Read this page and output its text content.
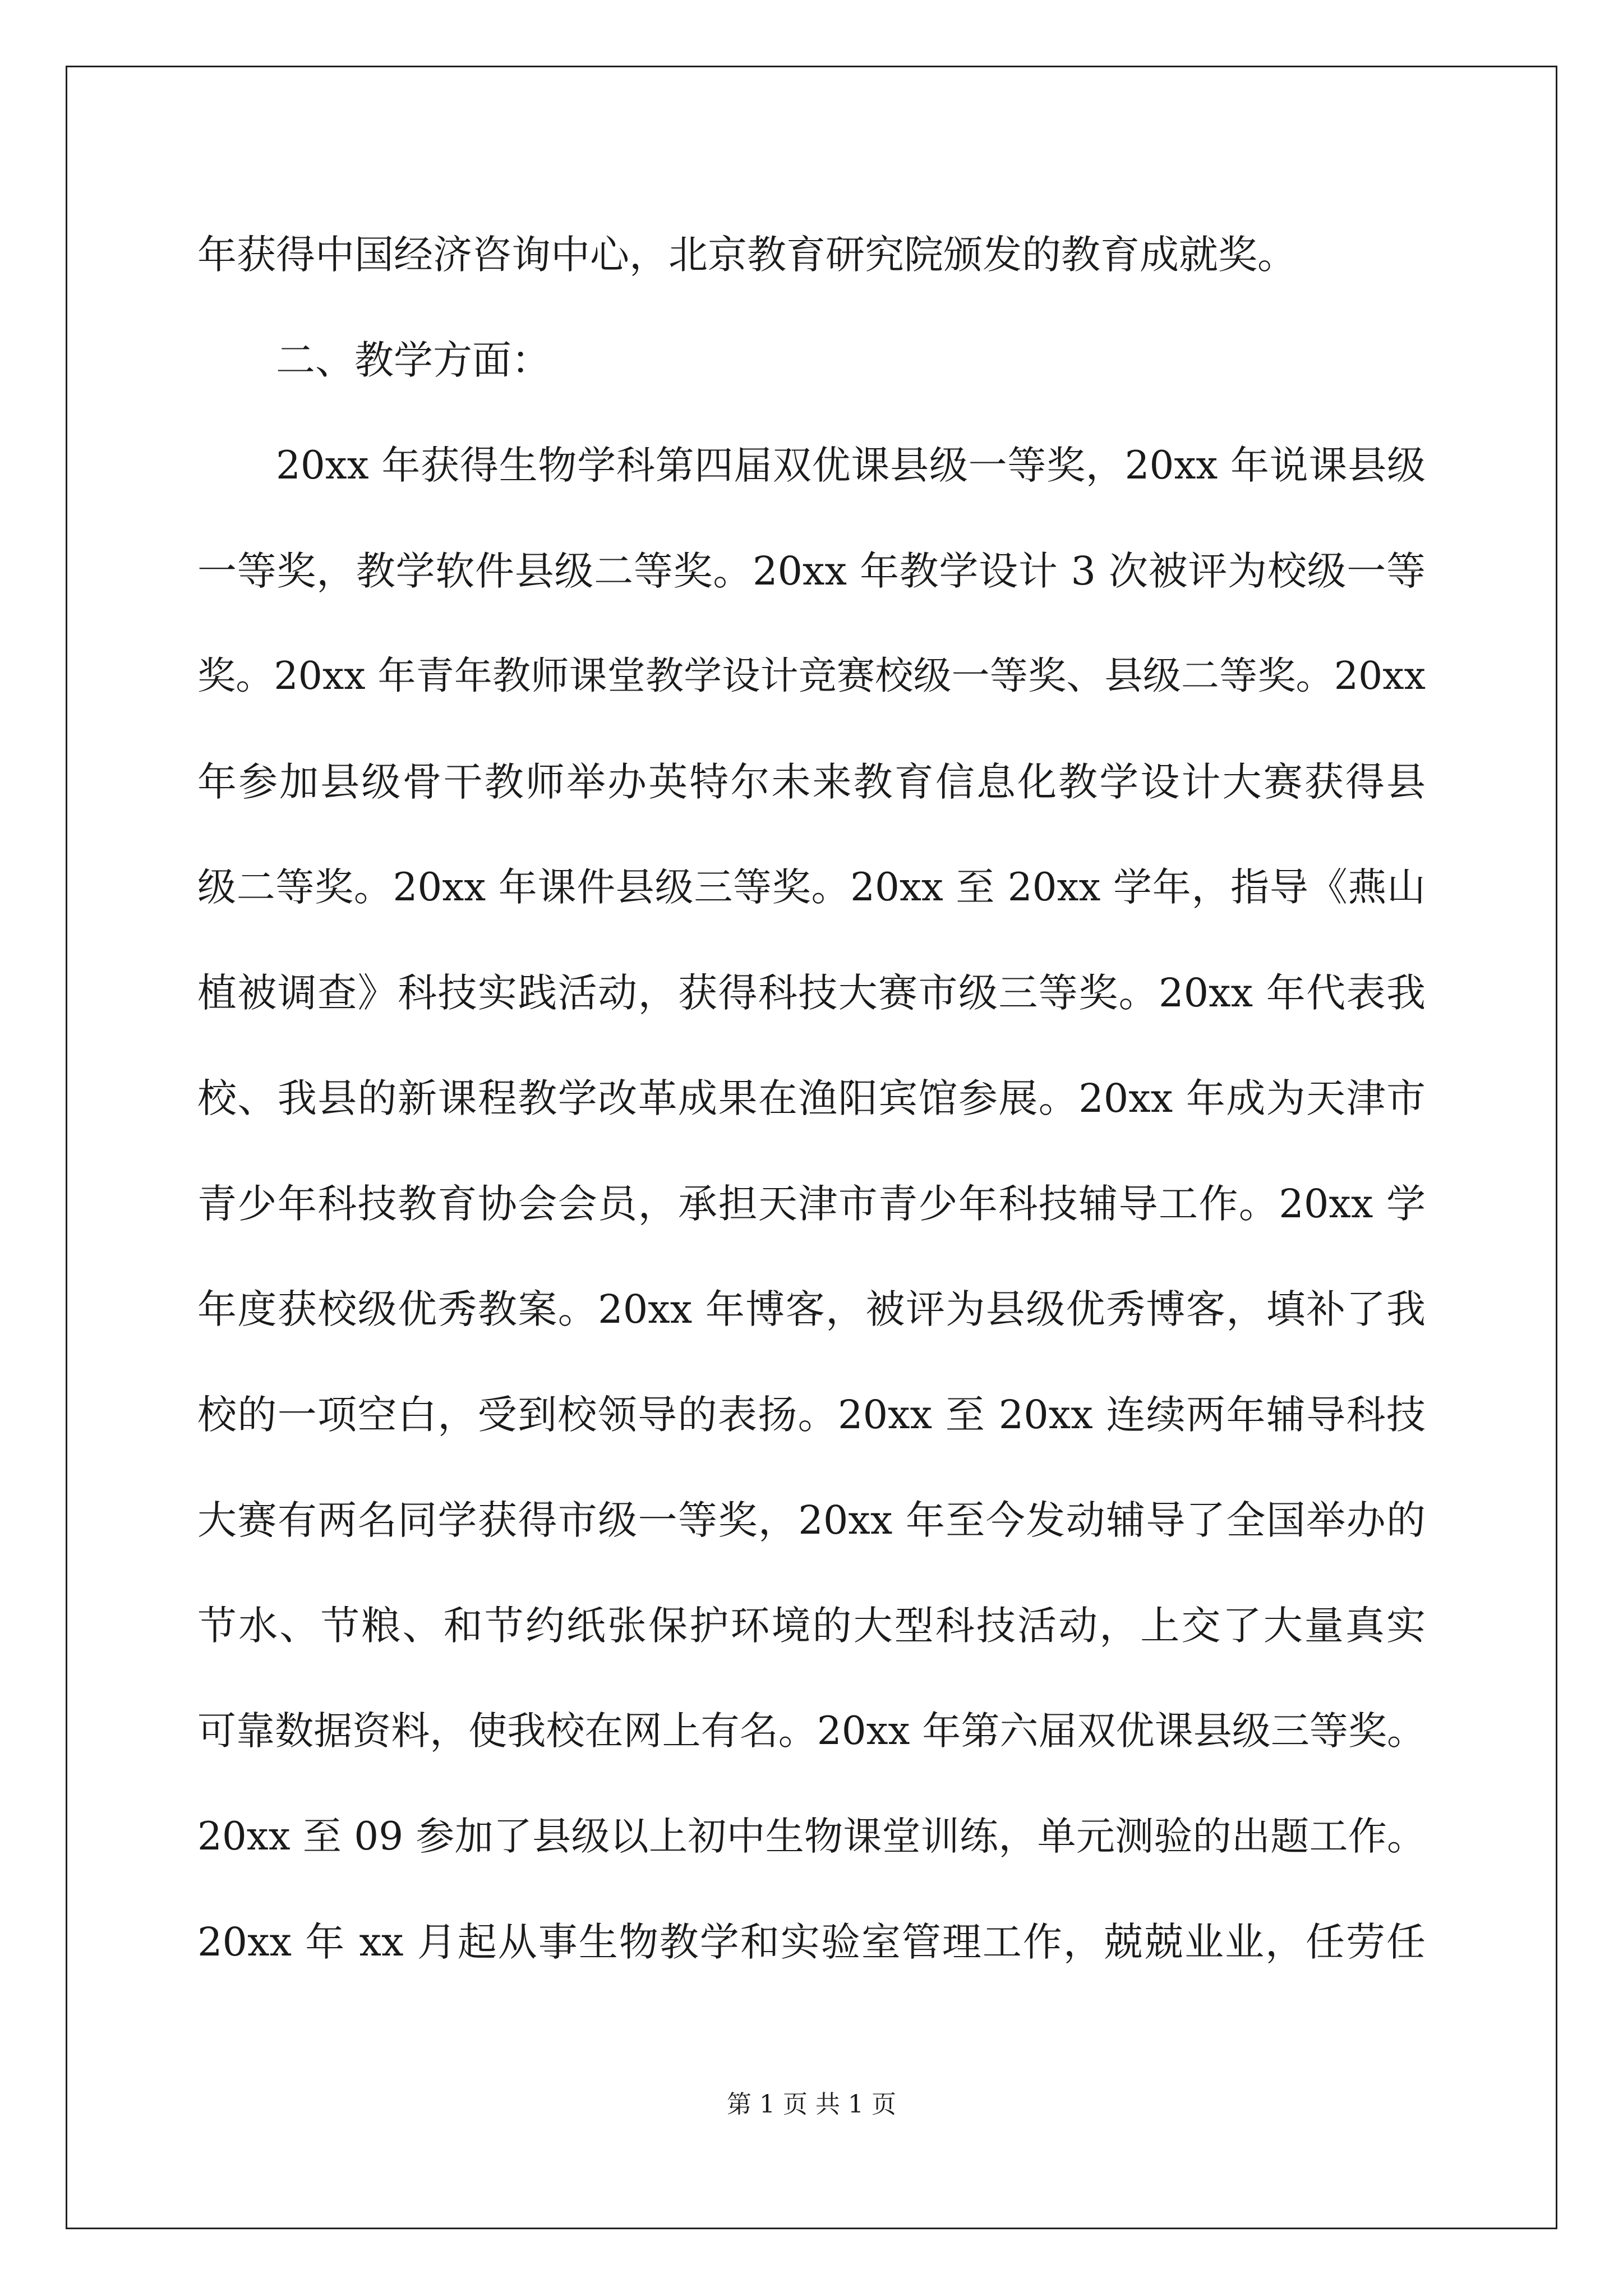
年获得中国经济咨询中心，北京教育研究院颁发的教育成就奖。
二、教学方面：
20xx 年获得生物学科第四届双优课县级一等奖，20xx 年说课县级
一等奖，教学软件县级二等奖。20xx 年教学设计 3 次被评为校级一等
奖。20xx 年青年教师课堂教学设计竞赛校级一等奖、县级二等奖。20xx
年参加县级骨干教师举办英特尔未来教育信息化教学设计大赛获得县
级二等奖。20xx 年课件县级三等奖。20xx 至 20xx 学年，指导《燕山
植被调查》科技实践活动，获得科技大赛市级三等奖。20xx 年代表我
校、我县的新课程教学改革成果在渔阳宾馆参展。20xx 年成为天津市
青少年科技教育协会会员，承担天津市青少年科技辅导工作。20xx 学
年度获校级优秀教案。20xx 年博客，被评为县级优秀博客，填补了我
校的一项空白，受到校领导的表扬。20xx 至 20xx 连续两年辅导科技
大赛有两名同学获得市级一等奖，20xx 年至今发动辅导了全国举办的
节水、节粮、和节约纸张保护环境的大型科技活动，上交了大量真实
可靠数据资料，使我校在网上有名。20xx 年第六届双优课县级三等奖。
20xx 至 09 参加了县级以上初中生物课堂训练，单元测验的出题工作。
20xx 年 xx 月起从事生物教学和实验室管理工作，兢兢业业，任劳任
第 1 页 共 1 页
